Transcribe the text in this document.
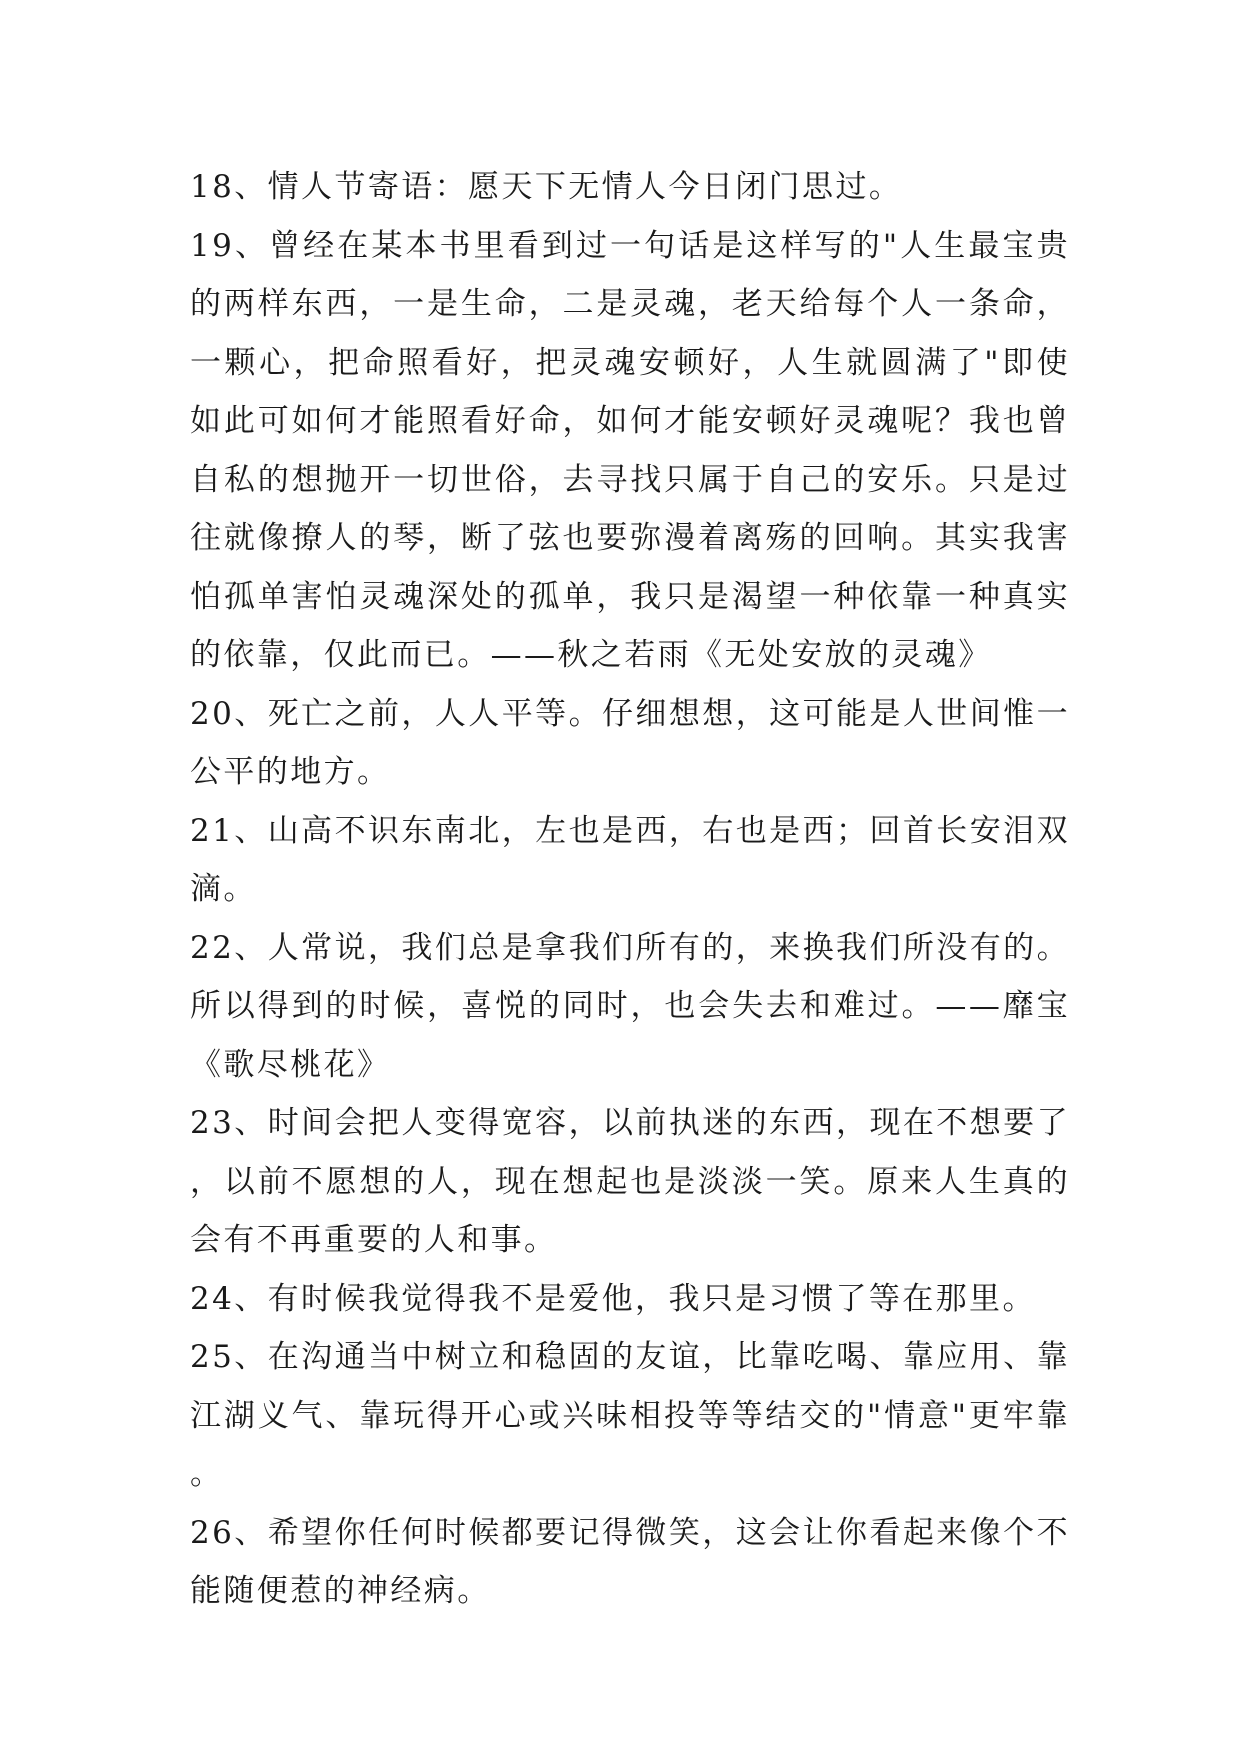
18、情人节寄语：愿天下无情人今日闭门思过。

19、曾经在某本书里看到过一句话是这样写的"人生最宝贵的两样东西，一是生命，二是灵魂，老天给每个人一条命，一颗心，把命照看好，把灵魂安顿好，人生就圆满了"即使如此可如何才能照看好命，如何才能安顿好灵魂呢？我也曾自私的想抛开一切世俗，去寻找只属于自己的安乐。只是过往就像撩人的琴，断了弦也要弥漫着离殇的回响。其实我害怕孤单害怕灵魂深处的孤单，我只是渴望一种依靠一种真实的依靠，仅此而已。——秋之若雨《无处安放的灵魂》

20、死亡之前，人人平等。仔细想想，这可能是人世间惟一公平的地方。

21、山高不识东南北，左也是西，右也是西；回首长安泪双滴。

22、人常说，我们总是拿我们所有的，来换我们所没有的。所以得到的时候，喜悦的同时，也会失去和难过。——靡宝《歌尽桃花》

23、时间会把人变得宽容，以前执迷的东西，现在不想要了，以前不愿想的人，现在想起也是淡淡一笑。原来人生真的会有不再重要的人和事。

24、有时候我觉得我不是爱他，我只是习惯了等在那里。

25、在沟通当中树立和稳固的友谊，比靠吃喝、靠应用、靠江湖义气、靠玩得开心或兴味相投等等结交的"情意"更牢靠。

26、希望你任何时候都要记得微笑，这会让你看起来像个不能随便惹的神经病。
